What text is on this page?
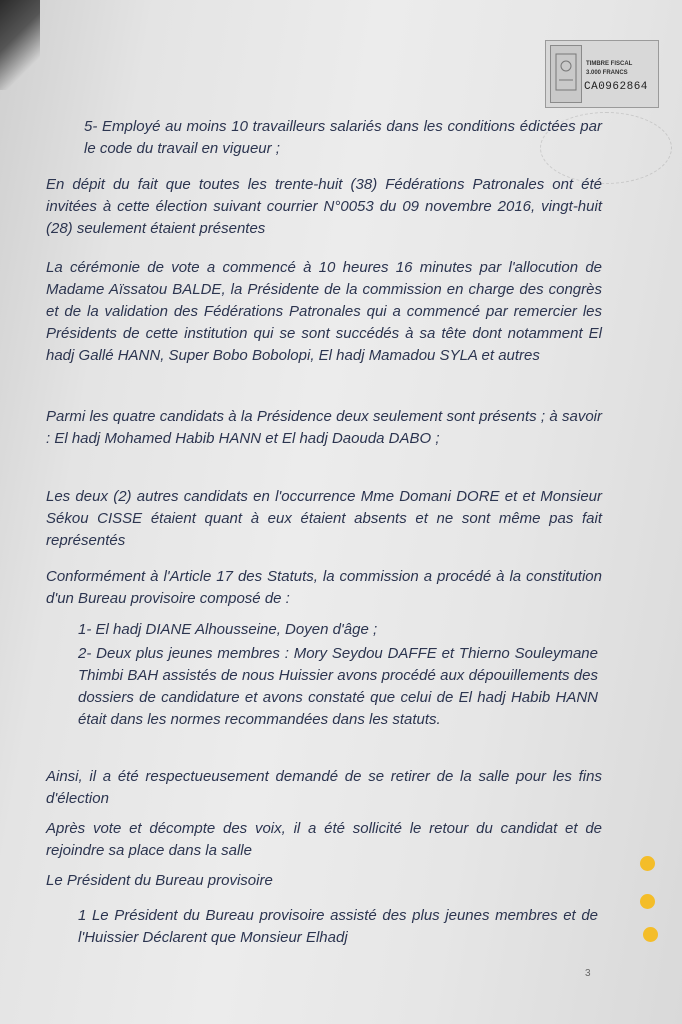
TIMBRE FISCAL
3.000 FRANCS
CA0962864

5- Employé au moins 10 travailleurs salariés dans les conditions édictées par le code du travail en vigueur ;

En dépit du fait que toutes les trente-huit (38) Fédérations Patronales ont été invitées à cette élection suivant courrier N°0053 du 09 novembre 2016, vingt-huit (28) seulement étaient présentes

La cérémonie de vote a commencé à 10 heures 16 minutes par l'allocution de Madame Aïssatou BALDE, la Présidente de la commission en charge des congrès et de la validation des Fédérations Patronales qui a commencé par remercier les Présidents de cette institution qui se sont succédés à sa tête dont notamment El hadj Gallé HANN, Super Bobo Bobolopi, El hadj Mamadou SYLA et autres

Parmi les quatre candidats à la Présidence deux seulement sont présents ; à savoir : El hadj Mohamed Habib HANN et El hadj Daouda DABO ;

Les deux (2) autres candidats en l'occurrence Mme Domani DORE et et Monsieur Sékou CISSE étaient quant à eux étaient absents et ne sont même pas fait représentés

Conformément à l'Article 17 des Statuts, la commission a procédé à la constitution d'un Bureau provisoire composé de :

1- El hadj DIANE Alhousseine, Doyen d'âge ;

2- Deux plus jeunes membres : Mory Seydou DAFFE et Thierno Souleymane Thimbi BAH assistés de nous Huissier avons procédé aux dépouillements des dossiers de candidature et avons constaté que celui de El hadj Habib HANN était dans les normes recommandées dans les statuts.

Ainsi, il a été respectueusement demandé de se retirer de la salle pour les fins d'élection

Après vote et décompte des voix, il a été sollicité le retour du candidat et de rejoindre sa place dans la salle

Le Président du Bureau provisoire

1 Le Président du Bureau provisoire assisté des plus jeunes membres et de l'Huissier Déclarent que Monsieur Elhadj

3
